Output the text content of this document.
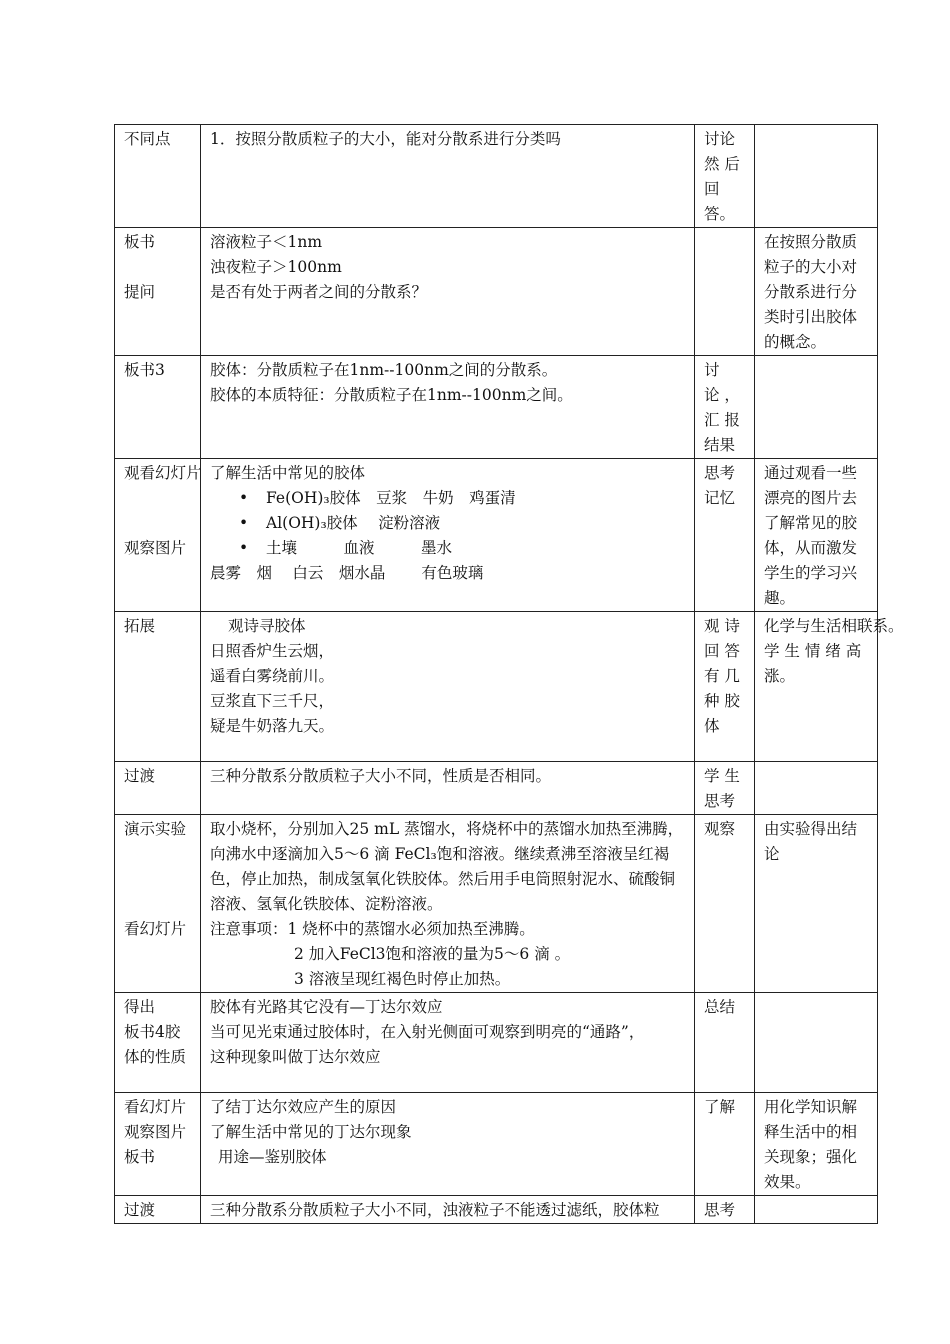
不同点	1．按照分散质粒子的大小，能对分散系进行分类吗	讨论
然 后
回
答。	

板书
提问	溶液粒子＜1nm
浊夜粒子＞100nm
是否有处于两者之间的分散系？		在按照分散质粒子的大小对分散系进行分类时引出胶体的概念。

板书3	胶体：分散质粒子在1nm--100nm之间的分散系。
胶体的本质特征：分散质粒子在1nm--100nm之间。	讨
论 ，
汇 报
结果	

观看幻灯片
观察图片	了解生活中常见的胶体
• Fe(OH)₃胶体　豆浆　牛奶　鸡蛋清
• Al(OH)₃胶体　 淀粉溶液
• 土壤　　　血液　　　墨水
晨雾　烟　 白云　烟水晶　　 有色玻璃	思考
记忆	通过观看一些漂亮的图片去了解常见的胶体，从而激发学生的学习兴趣。

拓展	观诗寻胶体
日照香炉生云烟，
遥看白雾绕前川。
豆浆直下三千尺，
疑是牛奶落九天。	观 诗
回 答
有 几
种 胶
体	化学与生活相联系。
学 生 情 绪 高涨。

过渡	三种分散系分散质粒子大小不同，性质是否相同。	学 生
思考	

演示实验
看幻灯片	取小烧杯，分别加入25 mL 蒸馏水，将烧杯中的蒸馏水加热至沸腾，向沸水中逐滴加入5～6 滴 FeCl₃饱和溶液。继续煮沸至溶液呈红褐色，停止加热，制成氢氧化铁胶体。然后用手电筒照射泥水、硫酸铜溶液、氢氧化铁胶体、淀粉溶液。
注意事项：1 烧杯中的蒸馏水必须加热至沸腾。
2 加入FeCl3饱和溶液的量为5～6 滴 。
3 溶液呈现红褐色时停止加热。	观察	由实验得出结论

得出
板书4胶
体的性质	胶体有光路其它没有—丁达尔效应
当可见光束通过胶体时，在入射光侧面可观察到明亮的“通路”，
这种现象叫做丁达尔效应	总结	

看幻灯片
观察图片
板书	了结丁达尔效应产生的原因
了解生活中常见的丁达尔现象
用途—鉴别胶体	了解	用化学知识解释生活中的相关现象；强化效果。

过渡	三种分散系分散质粒子大小不同，浊液粒子不能透过滤纸，胶体粒	思考	
